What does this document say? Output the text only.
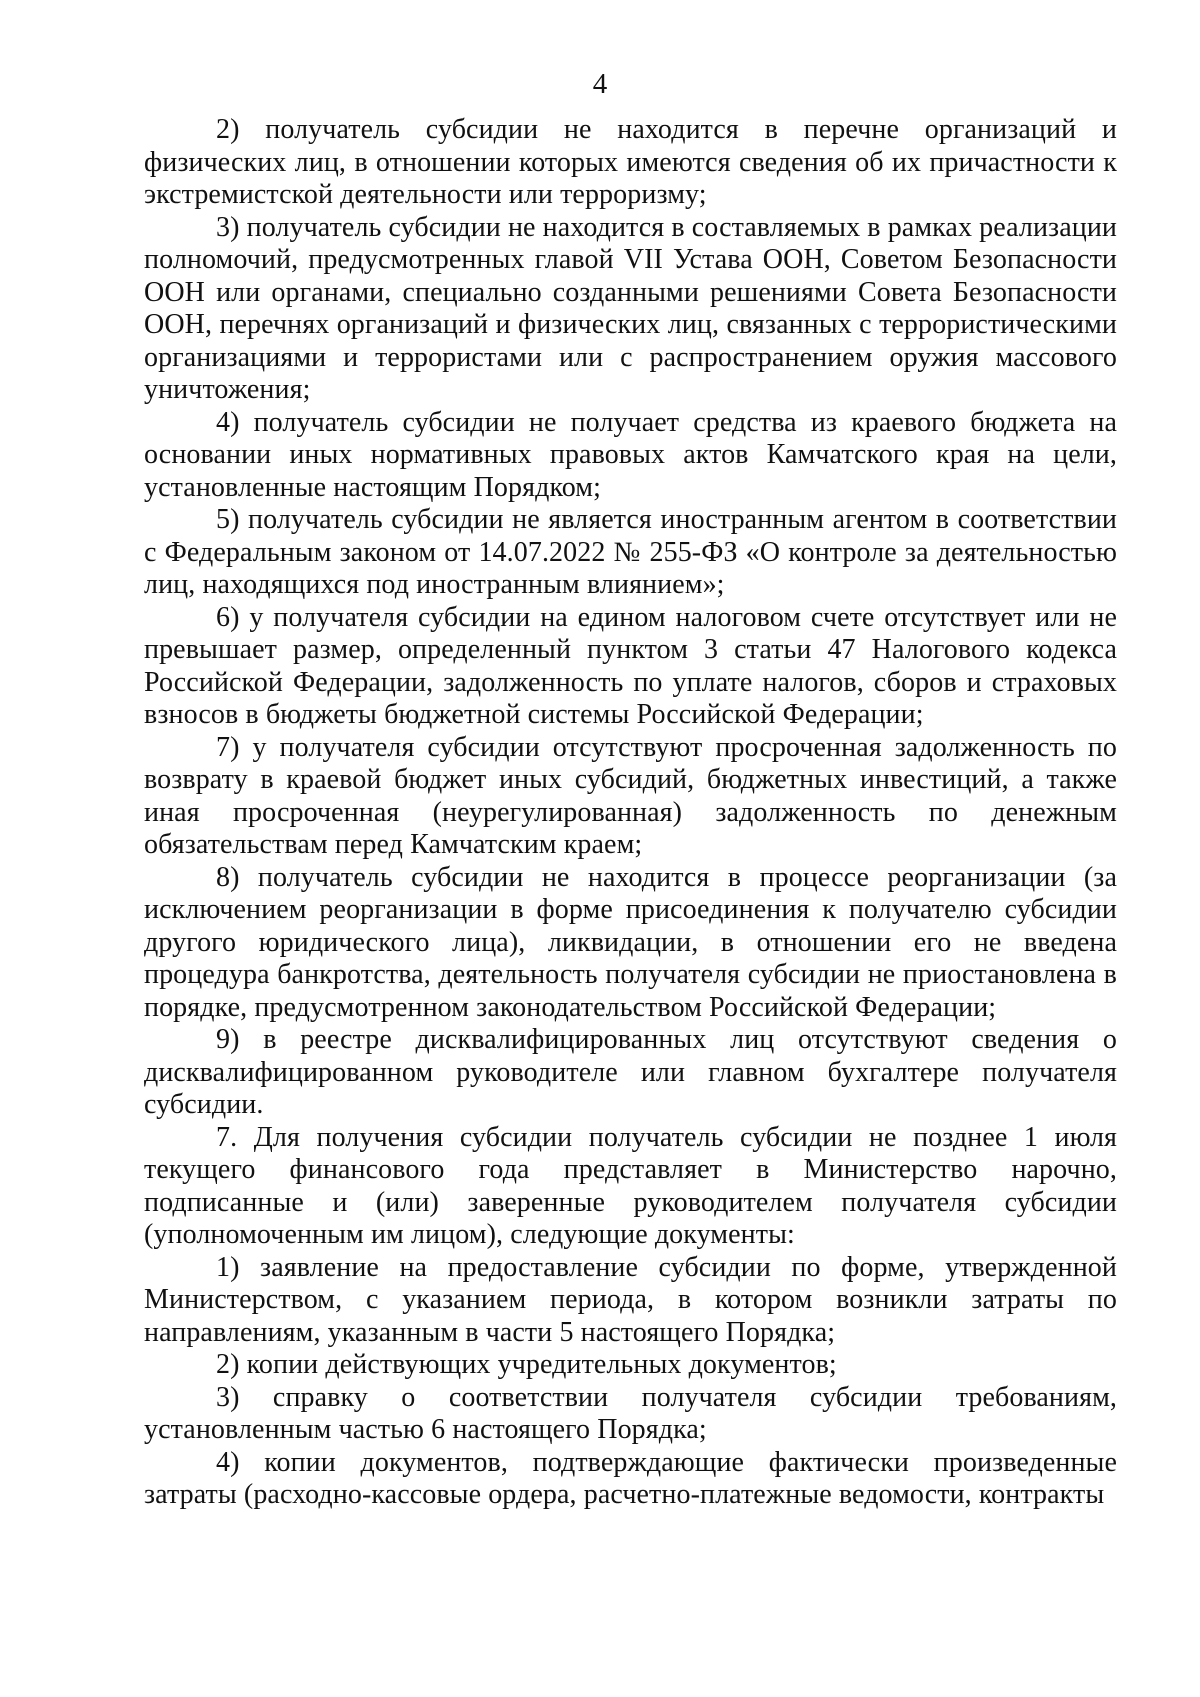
4

2) получатель субсидии не находится в перечне организаций и физических лиц, в отношении которых имеются сведения об их причастности к экстремистской деятельности или терроризму;

3) получатель субсидии не находится в составляемых в рамках реализации полномочий, предусмотренных главой VII Устава ООН, Советом Безопасности ООН или органами, специально созданными решениями Совета Безопасности ООН, перечнях организаций и физических лиц, связанных с террористическими организациями и террористами или с распространением оружия массового уничтожения;

4) получатель субсидии не получает средства из краевого бюджета на основании иных нормативных правовых актов Камчатского края на цели, установленные настоящим Порядком;

5) получатель субсидии не является иностранным агентом в соответствии с Федеральным законом от 14.07.2022 № 255-ФЗ «О контроле за деятельностью лиц, находящихся под иностранным влиянием»;

6) у получателя субсидии на едином налоговом счете отсутствует или не превышает размер, определенный пунктом 3 статьи 47 Налогового кодекса Российской Федерации, задолженность по уплате налогов, сборов и страховых взносов в бюджеты бюджетной системы Российской Федерации;

7) у получателя субсидии отсутствуют просроченная задолженность по возврату в краевой бюджет иных субсидий, бюджетных инвестиций, а также иная просроченная (неурегулированная) задолженность по денежным обязательствам перед Камчатским краем;

8) получатель субсидии не находится в процессе реорганизации (за исключением реорганизации в форме присоединения к получателю субсидии другого юридического лица), ликвидации, в отношении его не введена процедура банкротства, деятельность получателя субсидии не приостановлена в порядке, предусмотренном законодательством Российской Федерации;

9) в реестре дисквалифицированных лиц отсутствуют сведения о дисквалифицированном руководителе или главном бухгалтере получателя субсидии.

7. Для получения субсидии получатель субсидии не позднее 1 июля текущего финансового года представляет в Министерство нарочно, подписанные и (или) заверенные руководителем получателя субсидии (уполномоченным им лицом), следующие документы:

1) заявление на предоставление субсидии по форме, утвержденной Министерством, с указанием периода, в котором возникли затраты по направлениям, указанным в части 5 настоящего Порядка;

2) копии действующих учредительных документов;

3) справку о соответствии получателя субсидии требованиям, установленным частью 6 настоящего Порядка;

4) копии документов, подтверждающие фактически произведенные затраты (расходно-кассовые ордера, расчетно-платежные ведомости, контракты
